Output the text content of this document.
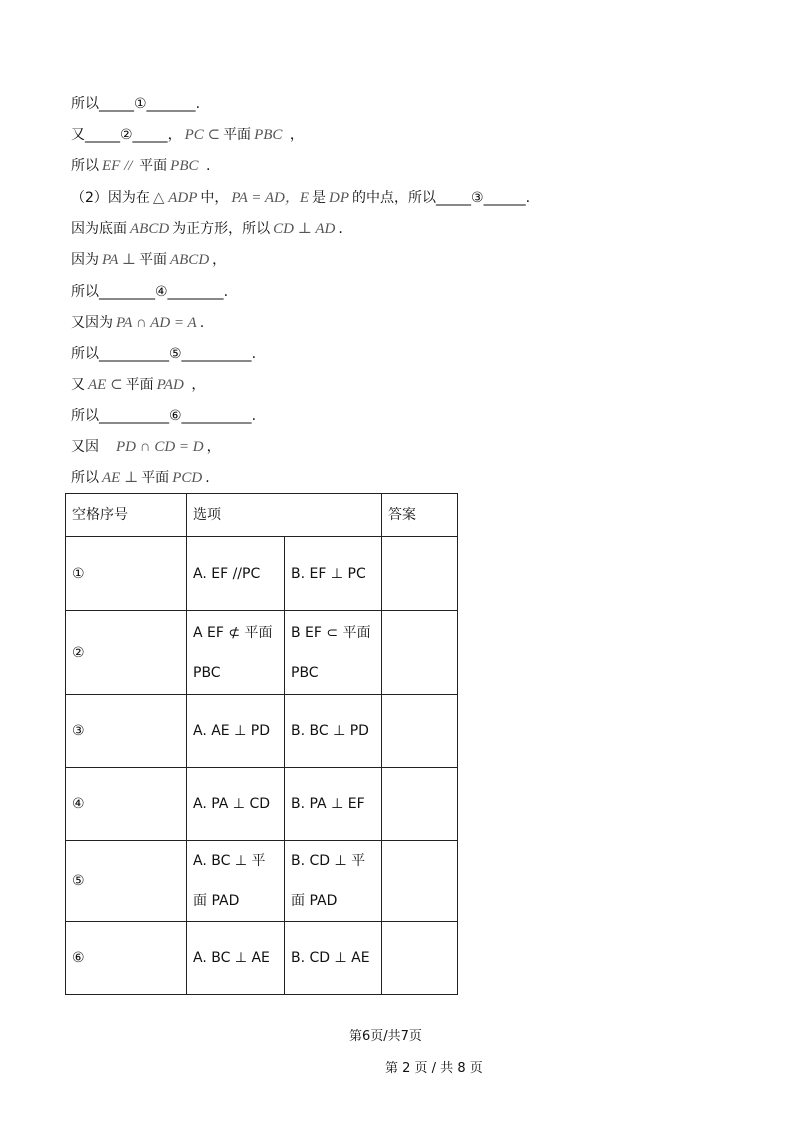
所以_____①_______.
又_____②_____， PC ⊂ 平面 PBC ，
所以 EF // 平面 PBC .
（2）因为在 △ ADP 中， PA = AD，E 是 DP 的中点，所以_____③______.
因为底面 ABCD 为正方形，所以 CD ⊥ AD .
因为 PA ⊥ 平面 ABCD ，
所以________④________.
又因为 PA ∩ AD = A .
所以__________⑤__________.
又 AE ⊂ 平面 PAD ，
所以__________⑥__________.
又因　PD ∩ CD = D ，
所以 AE ⊥ 平面 PCD .
空格序号	选项		答案
①	A. EF //PC	B. EF ⊥ PC	
②	A EF ⊄ 平面 PBC	B EF ⊂ 平面 PBC	
③	A. AE ⊥ PD	B. BC ⊥ PD	
④	A. PA ⊥ CD	B. PA ⊥ EF	
⑤	A. BC ⊥ 平面 PAD	B. CD ⊥ 平面 PAD	
⑥	A. BC ⊥ AE	B. CD ⊥ AE	
第6页/共7页
第 2 页 / 共 8 页
